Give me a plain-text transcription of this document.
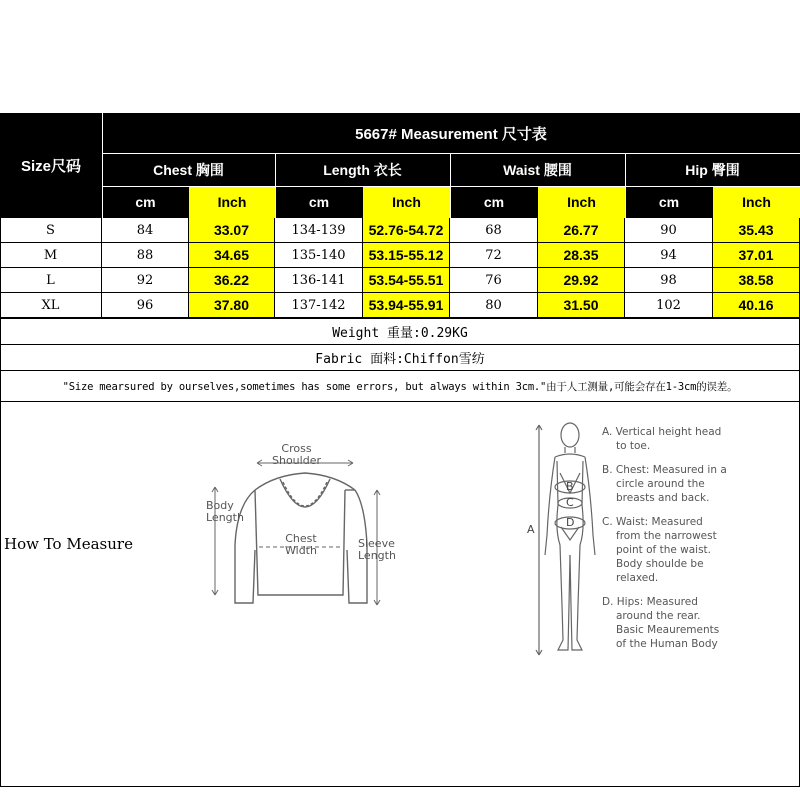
Size尺码
5667# Measurement 尺寸表
Chest 胸围	Length 衣长	Waist 腰围	Hip 臀围
cm	Inch	cm	Inch	cm	Inch	cm	Inch
S	84	33.07	134-139	52.76-54.72	68	26.77	90	35.43
M	88	34.65	135-140	53.15-55.12	72	28.35	94	37.01
L	92	36.22	136-141	53.54-55.51	76	29.92	98	38.58
XL	96	37.80	137-142	53.94-55.91	80	31.50	102	40.16
Weight 重量:0.29KG
Fabric 面料:Chiffon雪纺
"Size mearsured by ourselves,sometimes has some errors, but always within 3cm."由于人工测量,可能会存在1-3cm的误差。
How To Measure
Cross
Shoulder
Body
Length
Chest
Width
Sleeve
Length
A
B
C
D
A. Vertical height head
to toe.
B. Chest: Measured in a
circle around the
breasts and back.
C. Waist: Measured
from the narrowest
point of the waist.
Body shoulde be
relaxed.
D. Hips: Measured
around the rear.
Basic Meaurements
of the Human Body
